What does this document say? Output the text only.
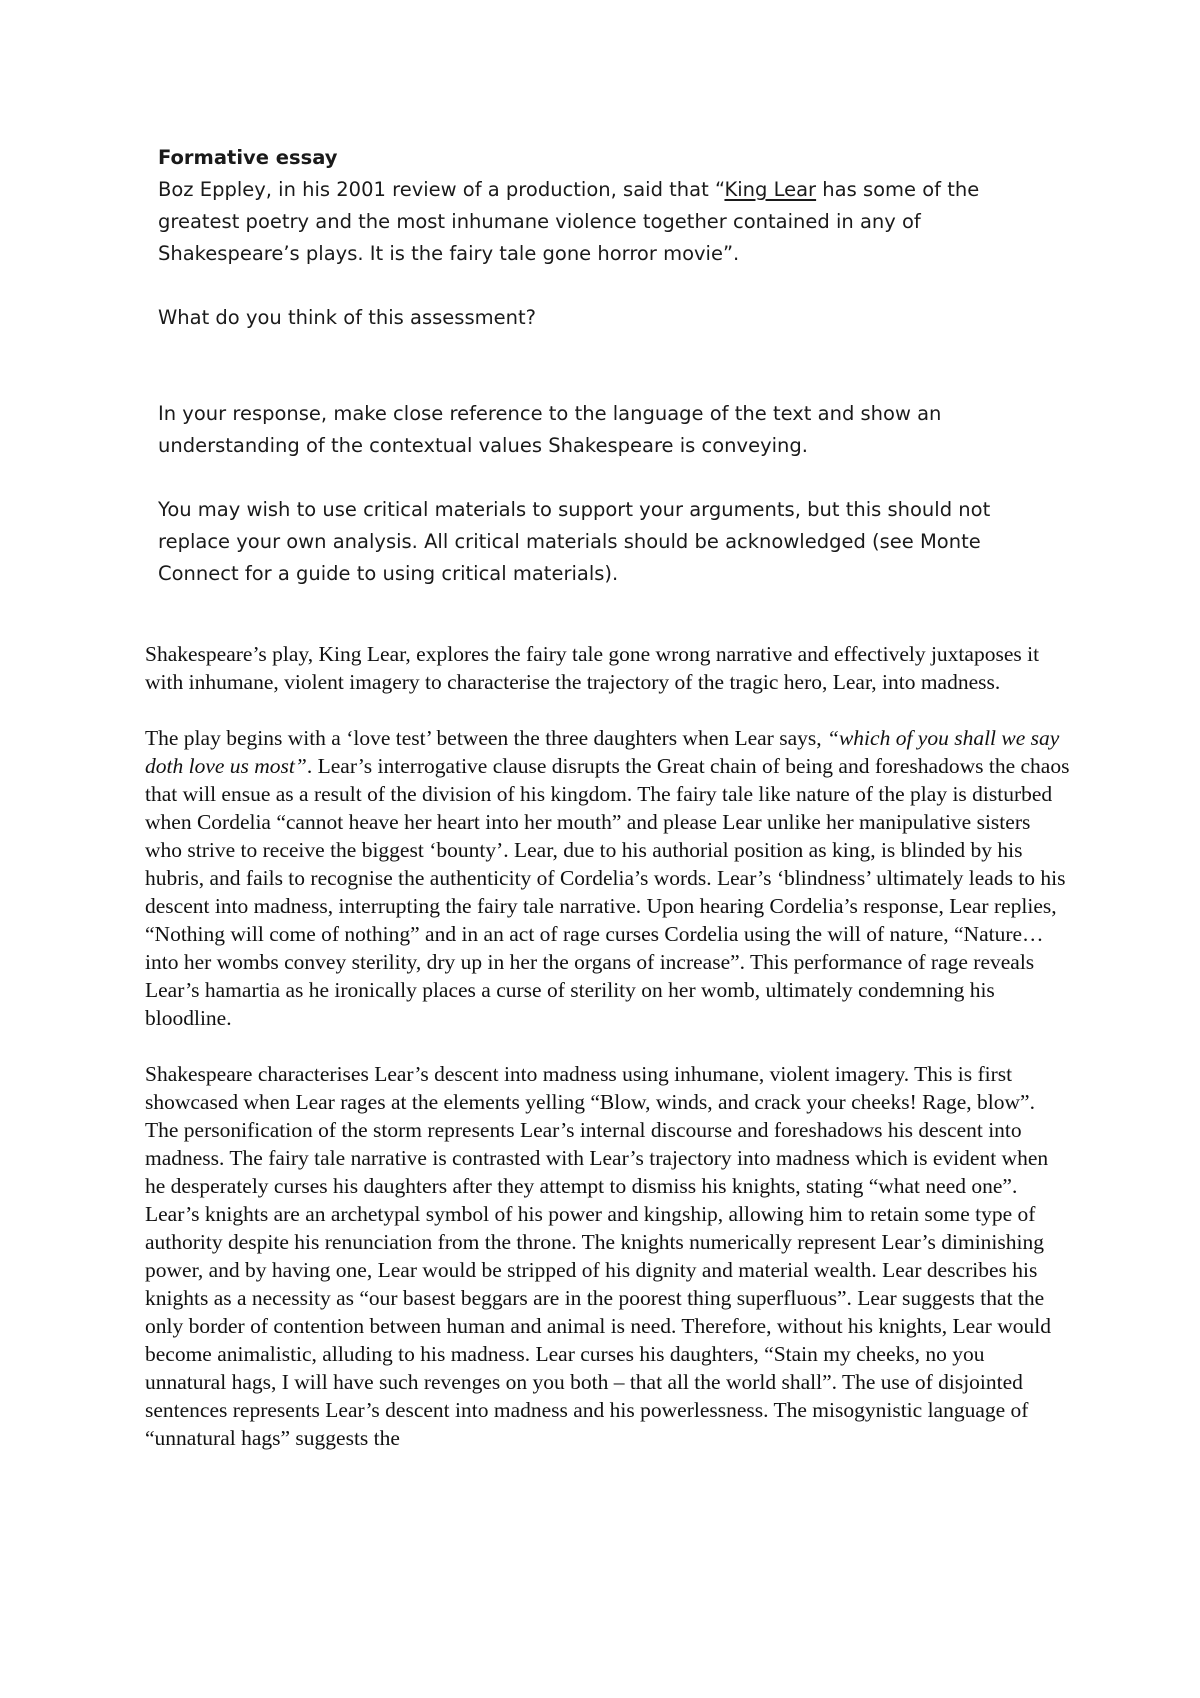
Formative essay

Boz Eppley, in his 2001 review of a production, said that “King Lear has some of the greatest poetry and the most inhumane violence together contained in any of Shakespeare’s plays. It is the fairy tale gone horror movie”.

What do you think of this assessment?

In your response, make close reference to the language of the text and show an understanding of the contextual values Shakespeare is conveying.

You may wish to use critical materials to support your arguments, but this should not replace your own analysis. All critical materials should be acknowledged (see Monte Connect for a guide to using critical materials).

Shakespeare’s play, King Lear, explores the fairy tale gone wrong narrative and effectively juxtaposes it with inhumane, violent imagery to characterise the trajectory of the tragic hero, Lear, into madness.

The play begins with a ‘love test’ between the three daughters when Lear says, “which of you shall we say doth love us most”. Lear’s interrogative clause disrupts the Great chain of being and foreshadows the chaos that will ensue as a result of the division of his kingdom. The fairy tale like nature of the play is disturbed when Cordelia “cannot heave her heart into her mouth” and please Lear unlike her manipulative sisters who strive to receive the biggest ‘bounty’. Lear, due to his authorial position as king, is blinded by his hubris, and fails to recognise the authenticity of Cordelia’s words. Lear’s ‘blindness’ ultimately leads to his descent into madness, interrupting the fairy tale narrative. Upon hearing Cordelia’s response, Lear replies, “Nothing will come of nothing” and in an act of rage curses Cordelia using the will of nature, “Nature…into her wombs convey sterility, dry up in her the organs of increase”. This performance of rage reveals Lear’s hamartia as he ironically places a curse of sterility on her womb, ultimately condemning his bloodline.

Shakespeare characterises Lear’s descent into madness using inhumane, violent imagery. This is first showcased when Lear rages at the elements yelling “Blow, winds, and crack your cheeks! Rage, blow”. The personification of the storm represents Lear’s internal discourse and foreshadows his descent into madness. The fairy tale narrative is contrasted with Lear’s trajectory into madness which is evident when he desperately curses his daughters after they attempt to dismiss his knights, stating “what need one”. Lear’s knights are an archetypal symbol of his power and kingship, allowing him to retain some type of authority despite his renunciation from the throne. The knights numerically represent Lear’s diminishing power, and by having one, Lear would be stripped of his dignity and material wealth. Lear describes his knights as a necessity as “our basest beggars are in the poorest thing superfluous”. Lear suggests that the only border of contention between human and animal is need. Therefore, without his knights, Lear would become animalistic, alluding to his madness. Lear curses his daughters, “Stain my cheeks, no you unnatural hags, I will have such revenges on you both – that all the world shall”. The use of disjointed sentences represents Lear’s descent into madness and his powerlessness. The misogynistic language of “unnatural hags” suggests the
